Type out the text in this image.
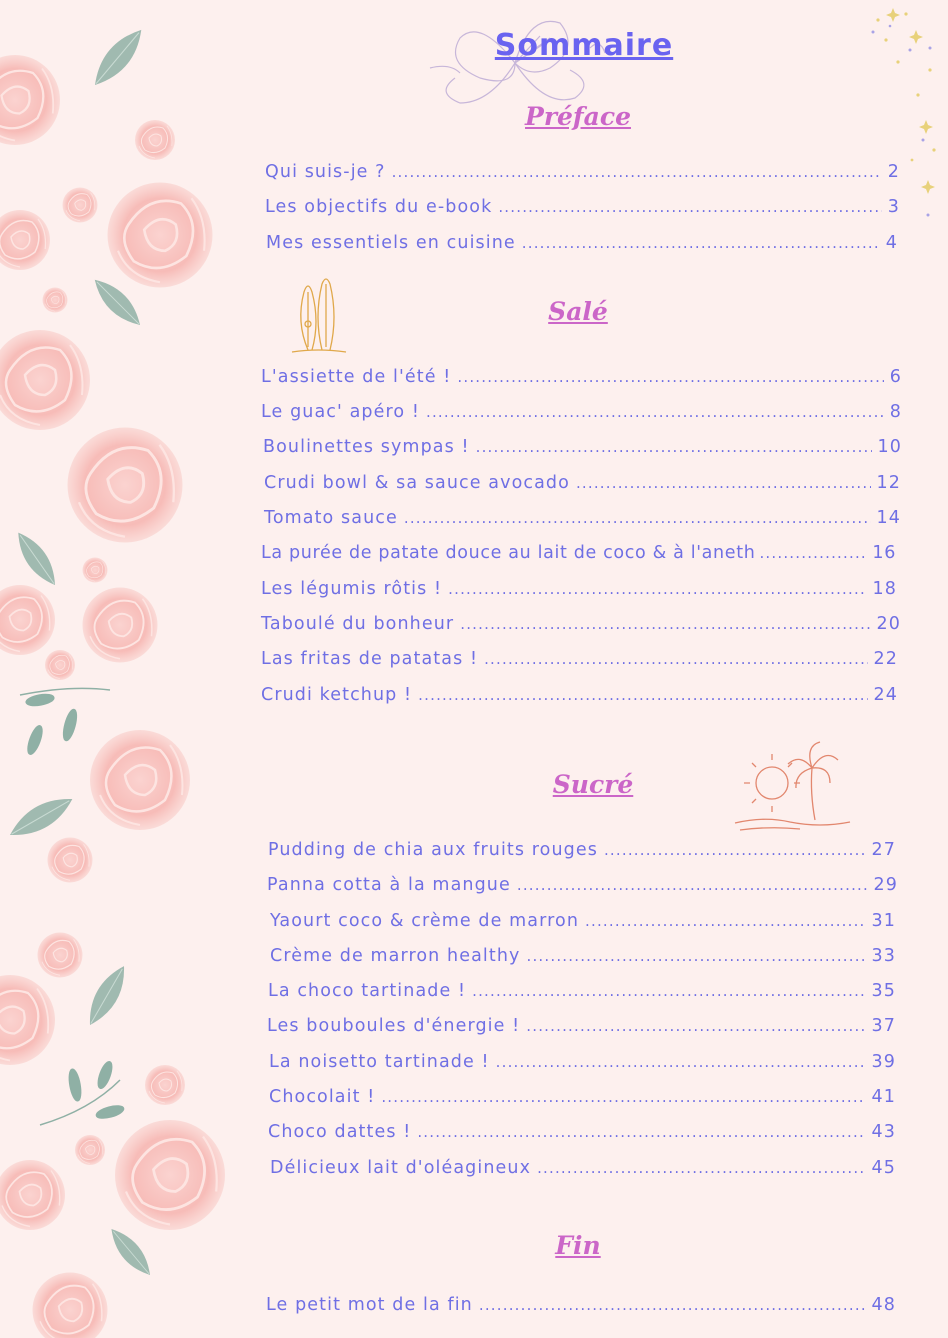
Sommaire
Préface
Qui suis-je ? .....	2
Les objectifs du e-book .....	3
Mes essentiels en cuisine .....	4
Salé
L'assiette de l'été ! .....	6
Le guac' apéro ! .....	8
Boulinettes sympas ! .....	10
Crudi bowl & sa sauce avocado .....	12
Tomato sauce .....	14
La purée de patate douce au lait de coco & à l'aneth .....	16
Les légumis rôtis ! .....	18
Taboulé du bonheur .....	20
Las fritas de patatas ! .....	22
Crudi ketchup ! .....	24
Sucré
Pudding de chia aux fruits rouges .....	27
Panna cotta à la mangue .....	29
Yaourt coco & crème de marron .....	31
Crème de marron healthy .....	33
La choco tartinade ! .....	35
Les bouboules d'énergie ! .....	37
La noisetto tartinade ! .....	39
Chocolait ! .....	41
Choco dattes ! .....	43
Délicieux lait d'oléagineux .....	45
Fin
Le petit mot de la fin .....	48
